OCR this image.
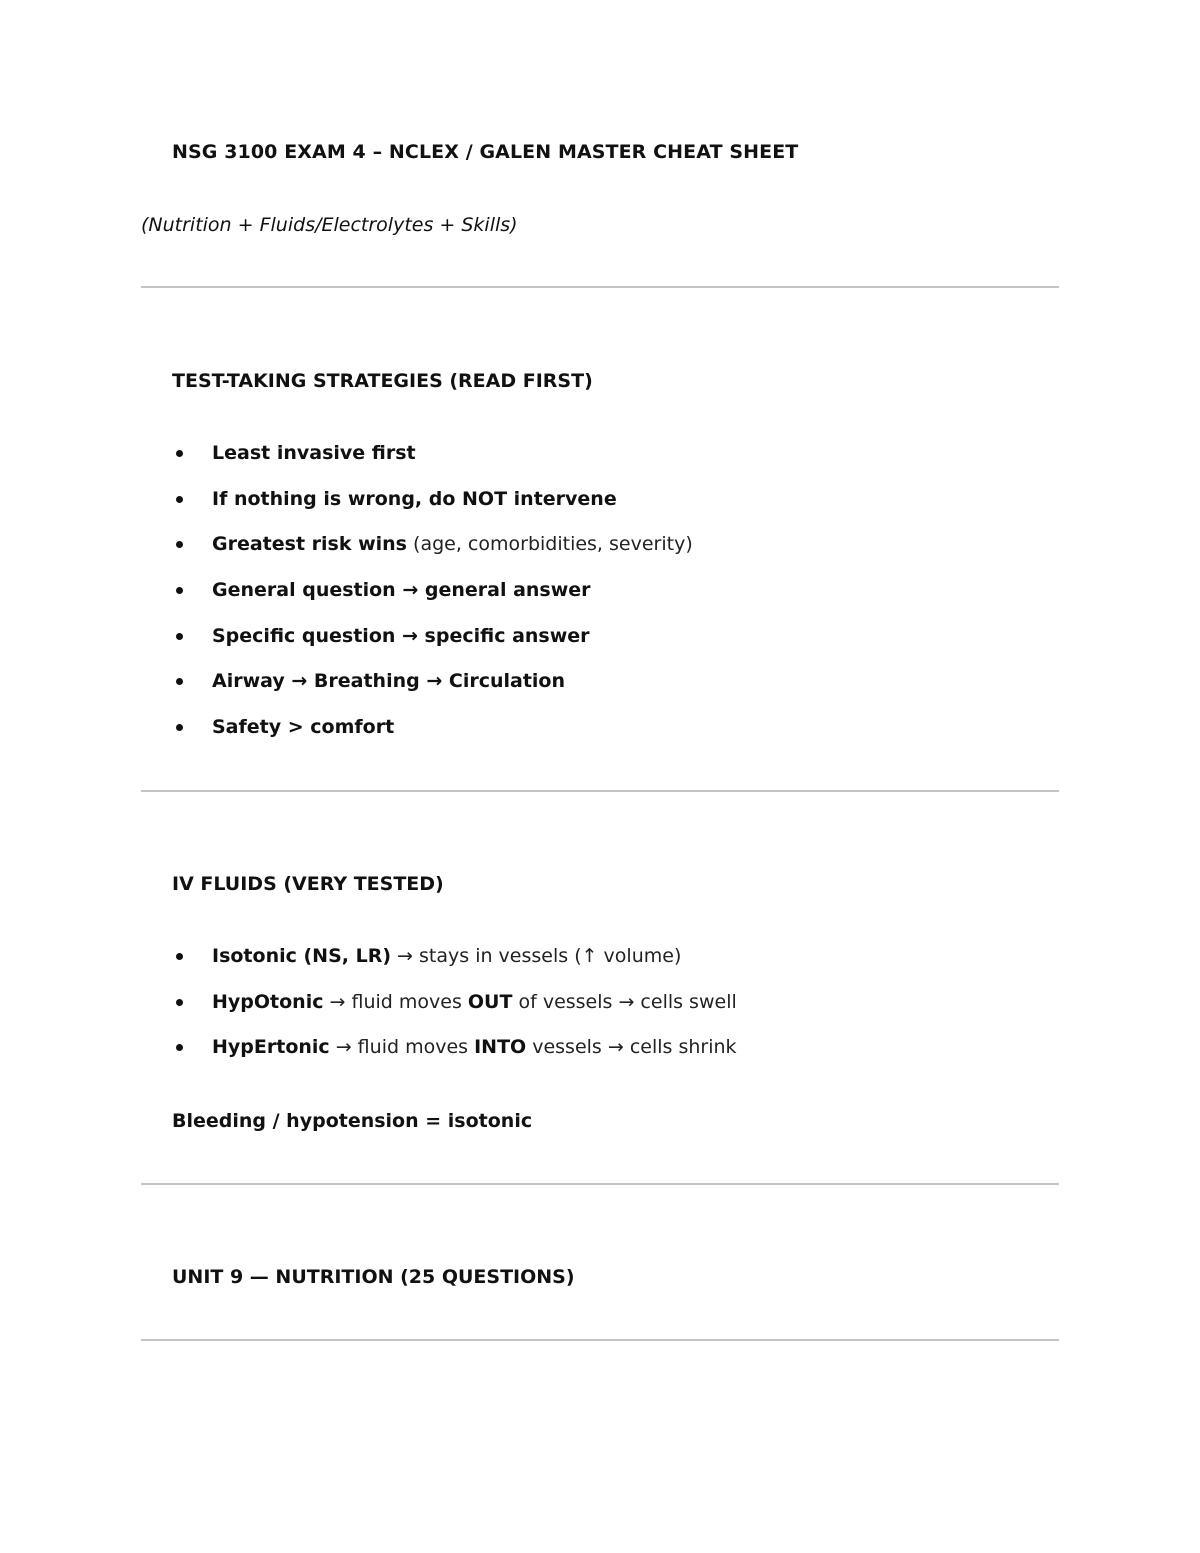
NSG 3100 EXAM 4 – NCLEX / GALEN MASTER CHEAT SHEET
(Nutrition + Fluids/Electrolytes + Skills)
TEST-TAKING STRATEGIES (READ FIRST)
Least invasive first
If nothing is wrong, do NOT intervene
Greatest risk wins (age, comorbidities, severity)
General question → general answer
Specific question → specific answer
Airway → Breathing → Circulation
Safety > comfort
IV FLUIDS (VERY TESTED)
Isotonic (NS, LR) → stays in vessels (↑ volume)
HypOtonic → fluid moves OUT of vessels → cells swell
HypErtonic → fluid moves INTO vessels → cells shrink
Bleeding / hypotension = isotonic
UNIT 9 — NUTRITION (25 QUESTIONS)
